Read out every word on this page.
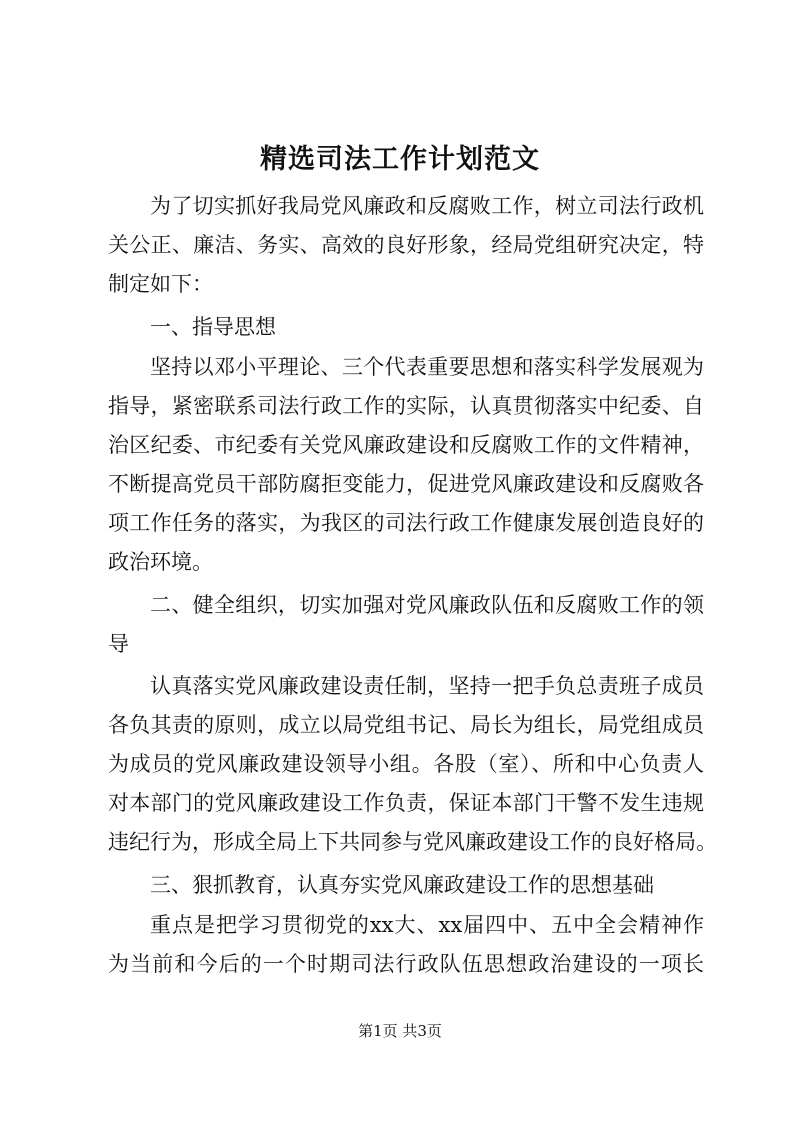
精选司法工作计划范文
为了切实抓好我局党风廉政和反腐败工作，树立司法行政机
关公正、廉洁、务实、高效的良好形象，经局党组研究决定，特
制定如下：
一、指导思想
坚持以邓小平理论、三个代表重要思想和落实科学发展观为
指导，紧密联系司法行政工作的实际，认真贯彻落实中纪委、自
治区纪委、市纪委有关党风廉政建设和反腐败工作的文件精神，
不断提高党员干部防腐拒变能力，促进党风廉政建设和反腐败各
项工作任务的落实，为我区的司法行政工作健康发展创造良好的
政治环境。
二、健全组织，切实加强对党风廉政队伍和反腐败工作的领
导
认真落实党风廉政建设责任制，坚持一把手负总责班子成员
各负其责的原则，成立以局党组书记、局长为组长，局党组成员
为成员的党风廉政建设领导小组。各股（室）、所和中心负责人
对本部门的党风廉政建设工作负责，保证本部门干警不发生违规
违纪行为，形成全局上下共同参与党风廉政建设工作的良好格局。
三、狠抓教育，认真夯实党风廉政建设工作的思想基础
重点是把学习贯彻党的xx大、xx届四中、五中全会精神作
为当前和今后的一个时期司法行政队伍思想政治建设的一项长
第1页 共3页
